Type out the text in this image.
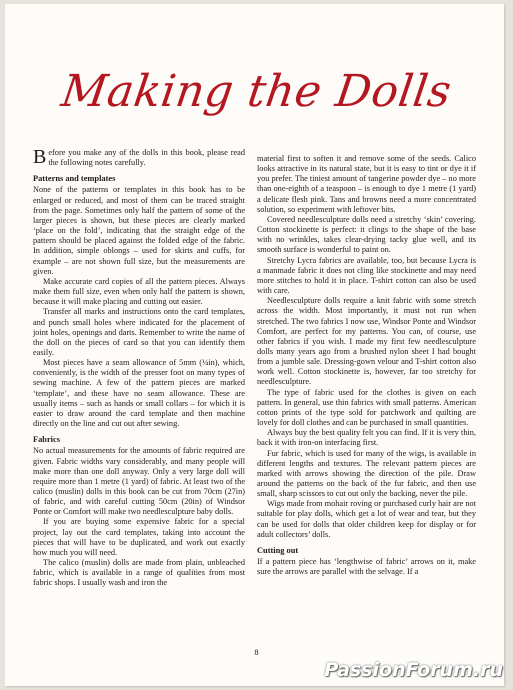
Making the Dolls

Before you make any of the dolls in this book, please read the following notes carefully.

Patterns and templates

None of the patterns or templates in this book has to be enlarged or reduced, and most of them can be traced straight from the page. Sometimes only half the pattern of some of the larger pieces is shown, but these pieces are clearly marked ‘place on the fold’, indicating that the straight edge of the pattern should be placed against the folded edge of the fabric. In addition, simple oblongs – used for skirts and cuffs, for example – are not shown full size, but the measurements are given.

Make accurate card copies of all the pattern pieces. Always make them full size, even when only half the pattern is shown, because it will make placing and cutting out easier.

Transfer all marks and instructions onto the card templates, and punch small holes where indicated for the placement of joint holes, openings and darts. Remember to write the name of the doll on the pieces of card so that you can identify them easily.

Most pieces have a seam allowance of 5mm (¼in), which, conveniently, is the width of the presser foot on many types of sewing machine. A few of the pattern pieces are marked ‘template’, and these have no seam allowance. These are usually items – such as hands or small collars – for which it is easier to draw around the card template and then machine directly on the line and cut out after sewing.

Fabrics

No actual measurements for the amounts of fabric required are given. Fabric widths vary considerably, and many people will make more than one doll anyway. Only a very large doll will require more than 1 metre (1 yard) of fabric. At least two of the calico (muslin) dolls in this book can be cut from 70cm (27in) of fabric, and with careful cutting 50cm (20in) of Windsor Ponte or Comfort will make two needlesculpture baby dolls.

If you are buying some expensive fabric for a special project, lay out the card templates, taking into account the pieces that will have to be duplicated, and work out exactly how much you will need.

The calico (muslin) dolls are made from plain, unbleached fabric, which is available in a range of qualities from most fabric shops. I usually wash and iron the

material first to soften it and remove some of the seeds. Calico looks attractive in its natural state, but it is easy to tint or dye it if you prefer. The tiniest amount of tangerine powder dye – no more than one-eighth of a teaspoon – is enough to dye 1 metre (1 yard) a delicate flesh pink. Tans and browns need a more concentrated solution, so experiment with leftover bits.

Covered needlesculpture dolls need a stretchy ‘skin’ covering. Cotton stockinette is perfect: it clings to the shape of the base with no wrinkles, takes clear-drying tacky glue well, and its smooth surface is wonderful to paint on.

Stretchy Lycra fabrics are available, too, but because Lycra is a manmade fabric it does not cling like stockinette and may need more stitches to hold it in place. T-shirt cotton can also be used with care.

Needlesculpture dolls require a knit fabric with some stretch across the width. Most importantly, it must not run when stretched. The two fabrics I now use, Windsor Ponte and Windsor Comfort, are perfect for my patterns. You can, of course, use other fabrics if you wish. I made my first few needlesculpture dolls many years ago from a brushed nylon sheet I had bought from a jumble sale. Dressing-gown velour and T-shirt cotton also work well. Cotton stockinette is, however, far too stretchy for needlesculpture.

The type of fabric used for the clothes is given on each pattern. In general, use thin fabrics with small patterns. American cotton prints of the type sold for patchwork and quilting are lovely for doll clothes and can be purchased in small quantities.

Always buy the best quality felt you can find. If it is very thin, back it with iron-on interfacing first.

Fur fabric, which is used for many of the wigs, is available in different lengths and textures. The relevant pattern pieces are marked with arrows showing the direction of the pile. Draw around the patterns on the back of the fur fabric, and then use small, sharp scissors to cut out only the backing, never the pile.

Wigs made from mohair roving or purchased curly hair are not suitable for play dolls, which get a lot of wear and tear, but they can be used for dolls that older children keep for display or for adult collectors’ dolls.

Cutting out

If a pattern piece has ‘lengthwise of fabric’ arrows on it, make sure the arrows are parallel with the selvage. If a

8
PassionForum.ru
